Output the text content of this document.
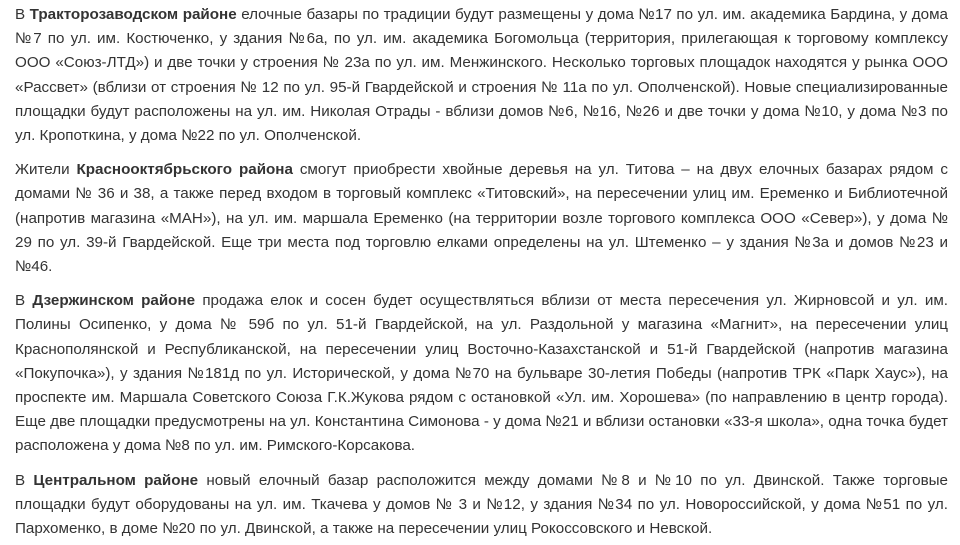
В Тракторозаводском районе елочные базары по традиции будут размещены у дома №17 по ул. им. академика Бардина, у дома №7 по ул. им. Костюченко, у здания №6а, по ул. им. академика Богомольца (территория, прилегающая к торговому комплексу ООО «Союз-ЛТД») и две точки у строения № 23а по ул. им. Менжинского. Несколько торговых площадок находятся у рынка ООО «Рассвет» (вблизи от строения № 12 по ул. 95-й Гвардейской и строения № 11а по ул. Ополченской). Новые специализированные площадки будут расположены на ул. им. Николая Отрады - вблизи домов №6, №16, №26 и две точки у дома №10, у дома №3 по ул. Кропоткина, у дома №22 по ул. Ополченской.

Жители Краснооктябрьского района смогут приобрести хвойные деревья на ул. Титова – на двух елочных базарах рядом с домами № 36 и 38, а также перед входом в торговый комплекс «Титовский», на пересечении улиц им. Еременко и Библиотечной (напротив магазина «МАН»), на ул. им. маршала Еременко (на территории возле торгового комплекса ООО «Север»), у дома № 29 по ул. 39-й Гвардейской. Еще три места под торговлю елками определены на ул. Штеменко – у здания №3а и домов №23 и №46.

В Дзержинском районе продажа елок и сосен будет осуществляться вблизи от места пересечения ул. Жирновсой и ул. им. Полины Осипенко, у дома № 59б по ул. 51-й Гвардейской, на ул. Раздольной у магазина «Магнит», на пересечении улиц Краснополянской и Республиканской, на пересечении улиц Восточно-Казахстанской и 51-й Гвардейской (напротив магазина «Покупочка»), у здания №181д по ул. Исторической, у дома №70 на бульваре 30-летия Победы (напротив ТРК «Парк Хаус»), на проспекте им. Маршала Советского Союза Г.К.Жукова рядом с остановкой «Ул. им. Хорошева» (по направлению в центр города). Еще две площадки предусмотрены на ул. Константина Симонова - у дома №21 и вблизи остановки «33-я школа», одна точка будет расположена у дома №8 по ул. им. Римского-Корсакова.

В Центральном районе новый елочный базар расположится между домами №8 и №10 по ул. Двинской. Также торговые площадки будут оборудованы на ул. им. Ткачева у домов № 3 и №12, у здания №34 по ул. Новороссийской, у дома №51 по ул. Пархоменко, в доме №20 по ул. Двинской, а также на пересечении улиц Рокоссовского и Невской.
